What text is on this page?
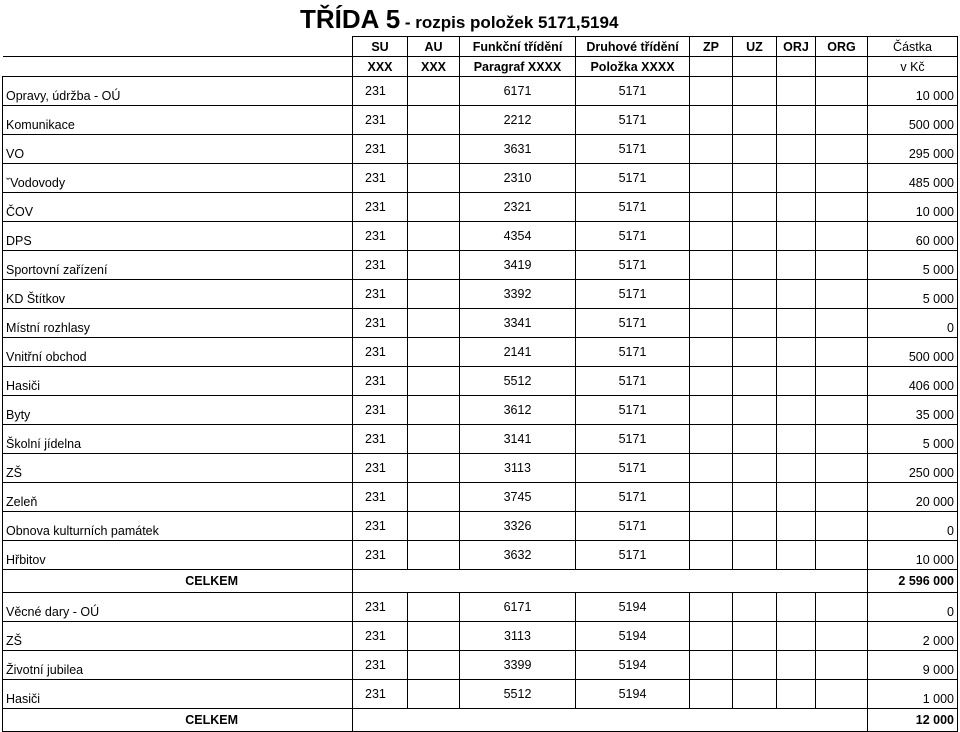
TŘÍDA 5 - rozpis položek 5171,5194
	SU	AU	Funkční třídění	Druhové třídění	ZP	UZ	ORJ	ORG	Částka
	XXX	XXX	Paragraf XXXX	Položka XXXX					v Kč
Opravy, údržba - OÚ	231		6171	5171					10 000
Komunikace	231		2212	5171					500 000
VO	231		3631	5171					295 000
ˇVodovody	231		2310	5171					485 000
ČOV	231		2321	5171					10 000
DPS	231		4354	5171					60 000
Sportovní zařízení	231		3419	5171					5 000
KD Štítkov	231		3392	5171					5 000
Místní rozhlasy	231		3341	5171					0
Vnitřní obchod	231		2141	5171					500 000
Hasiči	231		5512	5171					406 000
Byty	231		3612	5171					35 000
Školní jídelna	231		3141	5171					5 000
ZŠ	231		3113	5171					250 000
Zeleň	231		3745	5171					20 000
Obnova kulturních památek	231		3326	5171					0
Hřbitov	231		3632	5171					10 000
CELKEM									2 596 000
Věcné dary - OÚ	231		6171	5194					0
ZŠ	231		3113	5194					2 000
Životní jubilea	231		3399	5194					9 000
Hasiči	231		5512	5194					1 000
CELKEM									12 000
